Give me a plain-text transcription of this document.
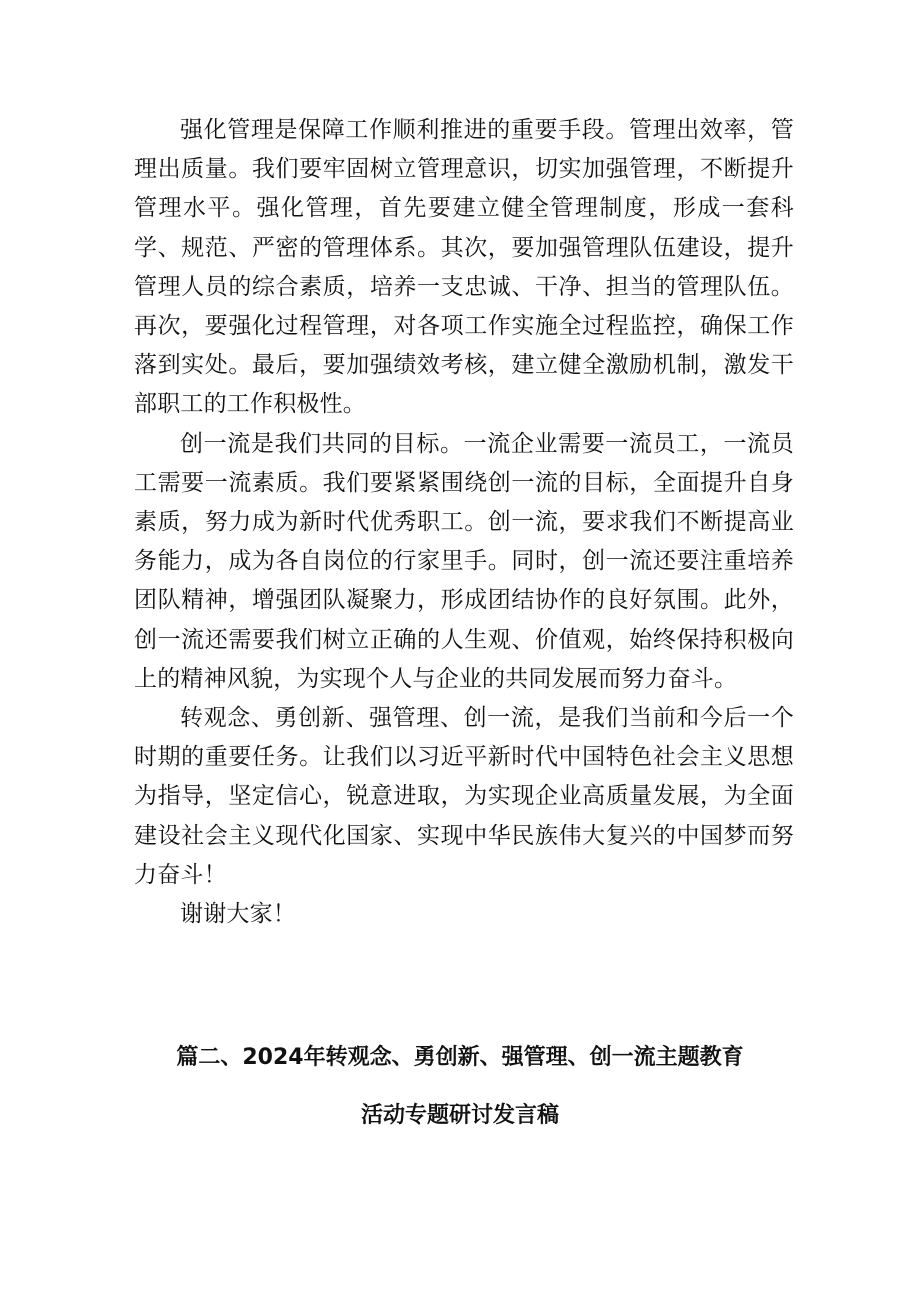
强化管理是保障工作顺利推进的重要手段。管理出效率，管理出质量。我们要牢固树立管理意识，切实加强管理，不断提升管理水平。强化管理，首先要建立健全管理制度，形成一套科学、规范、严密的管理体系。其次，要加强管理队伍建设，提升管理人员的综合素质，培养一支忠诚、干净、担当的管理队伍。再次，要强化过程管理，对各项工作实施全过程监控，确保工作落到实处。最后，要加强绩效考核，建立健全激励机制，激发干部职工的工作积极性。

创一流是我们共同的目标。一流企业需要一流员工，一流员工需要一流素质。我们要紧紧围绕创一流的目标，全面提升自身素质，努力成为新时代优秀职工。创一流，要求我们不断提高业务能力，成为各自岗位的行家里手。同时，创一流还要注重培养团队精神，增强团队凝聚力，形成团结协作的良好氛围。此外，创一流还需要我们树立正确的人生观、价值观，始终保持积极向上的精神风貌，为实现个人与企业的共同发展而努力奋斗。

转观念、勇创新、强管理、创一流，是我们当前和今后一个时期的重要任务。让我们以习近平新时代中国特色社会主义思想为指导，坚定信心，锐意进取，为实现企业高质量发展，为全面建设社会主义现代化国家、实现中华民族伟大复兴的中国梦而努力奋斗！

谢谢大家！

篇二、2024年转观念、勇创新、强管理、创一流主题教育

活动专题研讨发言稿
